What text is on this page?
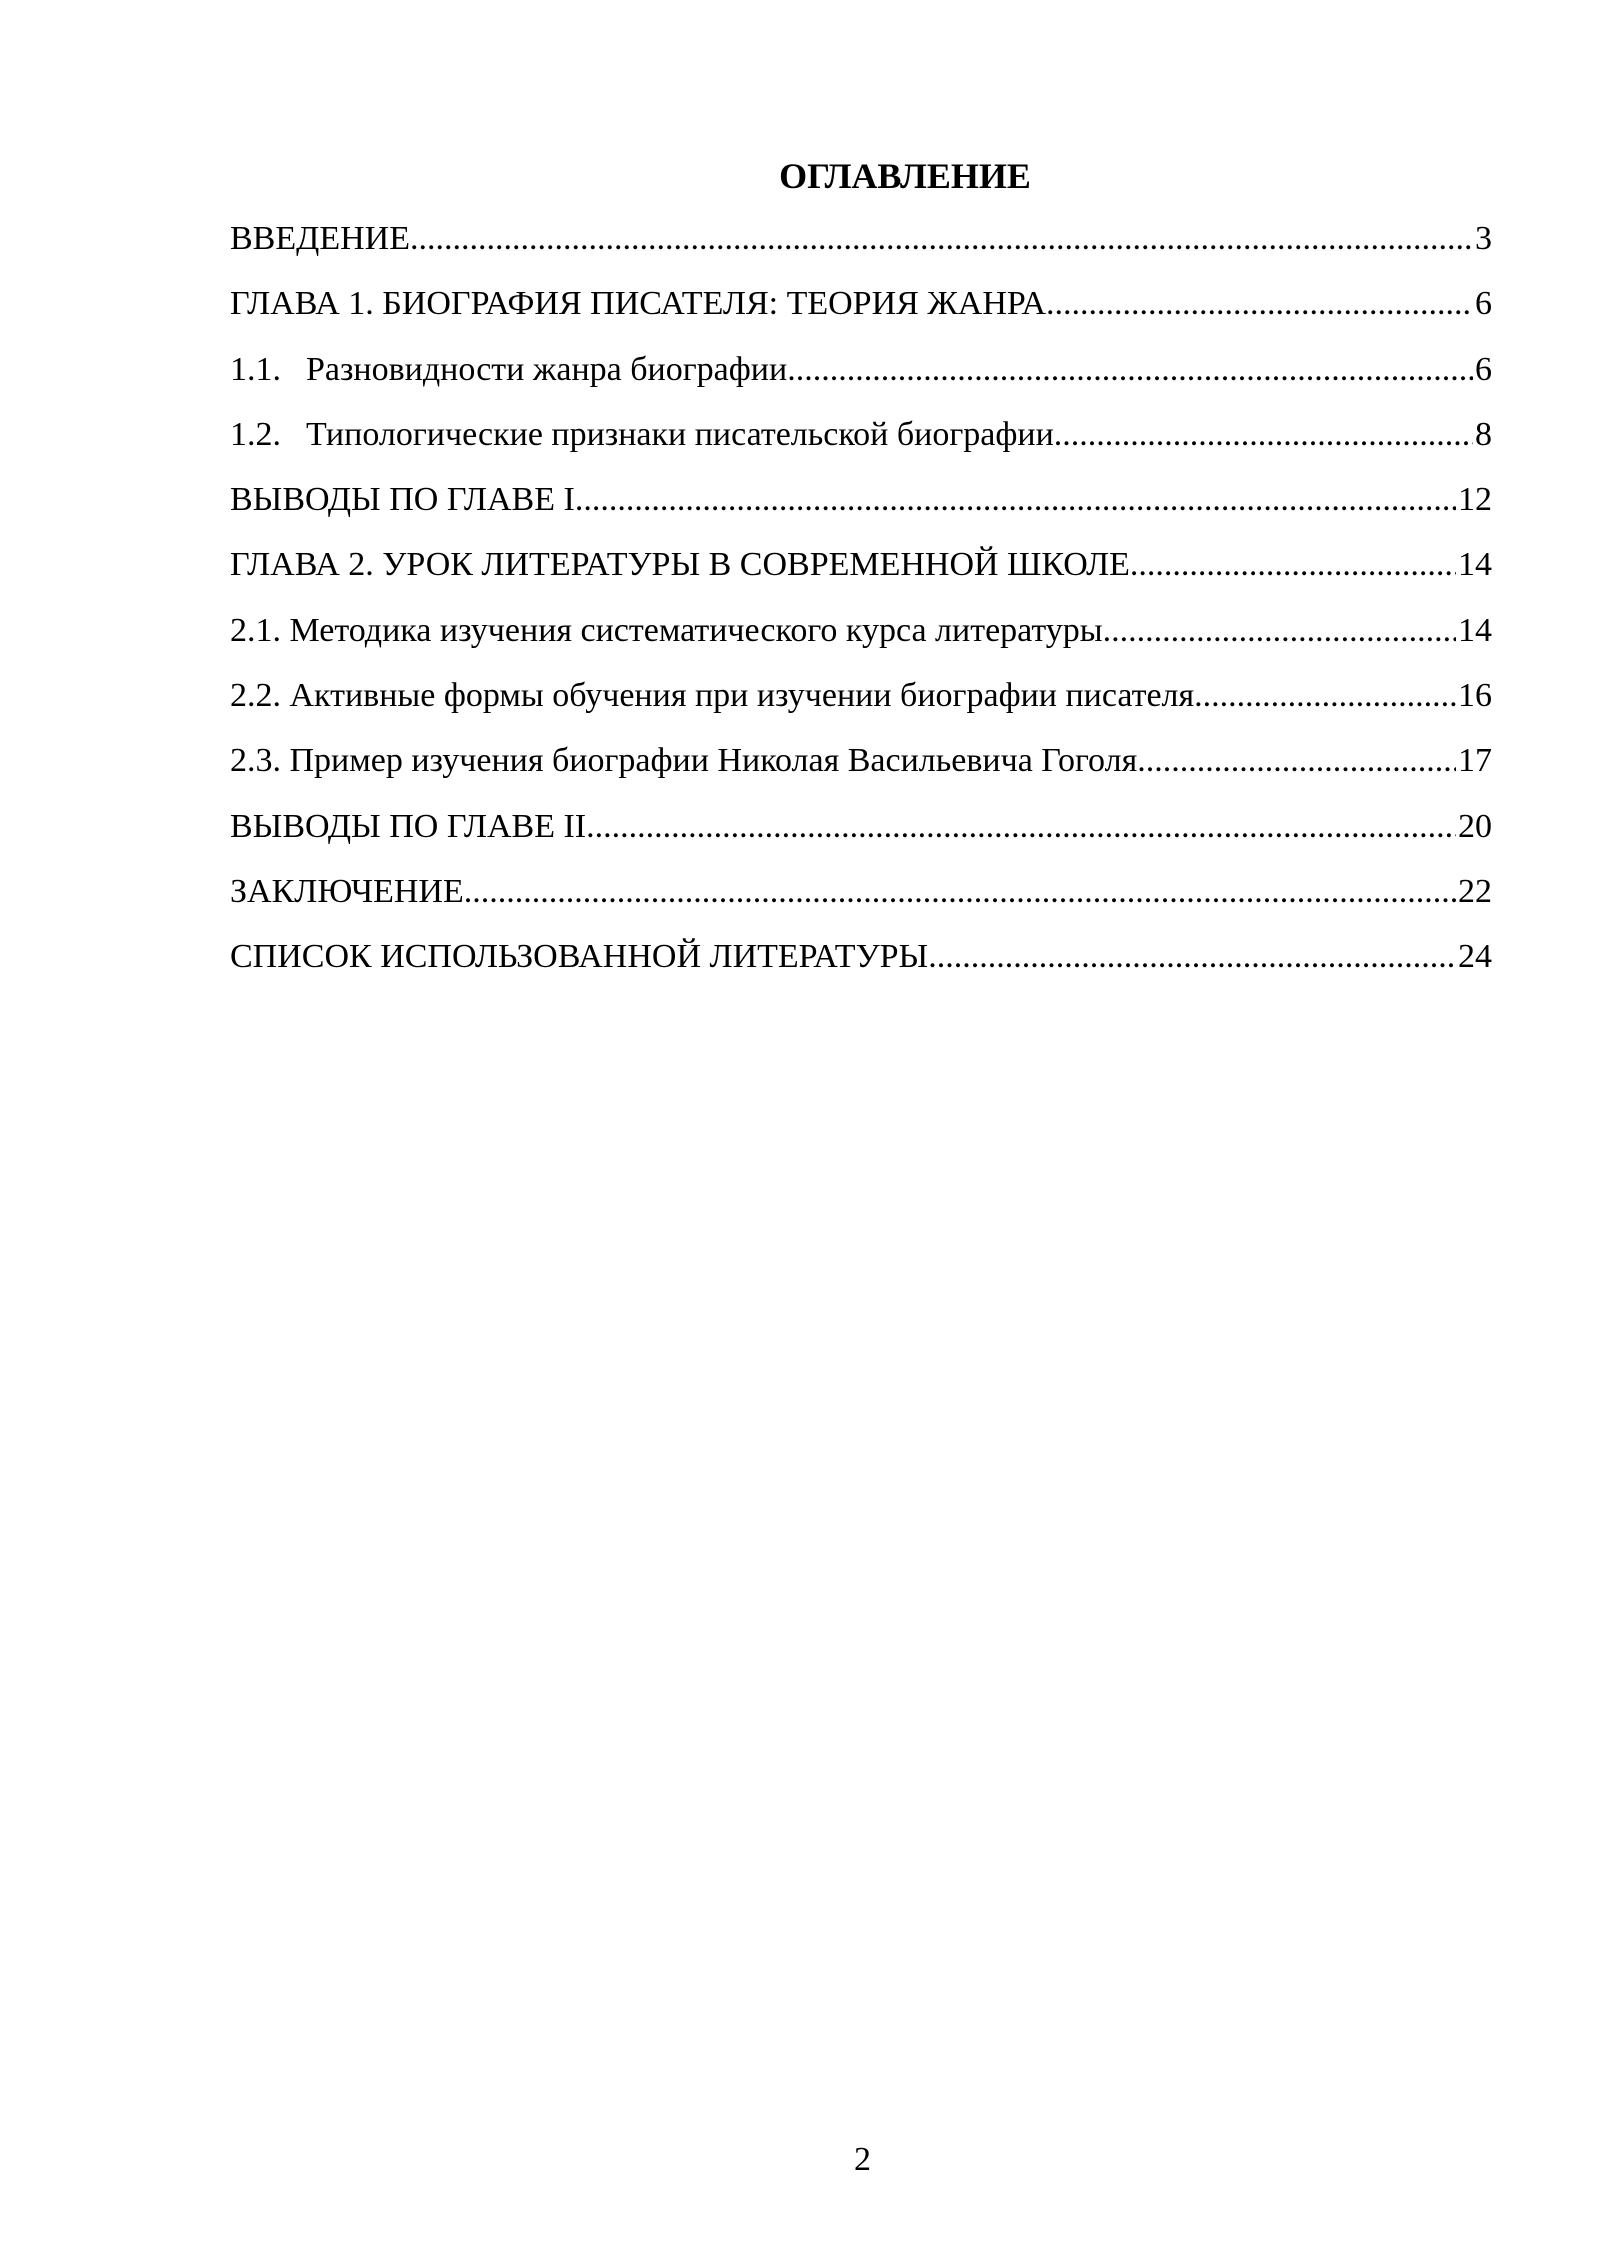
ОГЛАВЛЕНИЕ
ВВЕДЕНИЕ .....	3
ГЛАВА 1. БИОГРАФИЯ ПИСАТЕЛЯ: ТЕОРИЯ ЖАНРА .....	6
1.1. Разновидности жанра биографии .....	6
1.2. Типологические признаки писательской биографии .....	8
ВЫВОДЫ ПО ГЛАВЕ I .....	12
ГЛАВА 2. УРОК ЛИТЕРАТУРЫ В СОВРЕМЕННОЙ ШКОЛЕ .....	14
2.1. Методика изучения систематического курса литературы .....	14
2.2. Активные формы обучения при изучении биографии писателя .....	16
2.3. Пример изучения биографии Николая Васильевича Гоголя .....	17
ВЫВОДЫ ПО ГЛАВЕ II .....	20
ЗАКЛЮЧЕНИЕ .....	22
СПИСОК ИСПОЛЬЗОВАННОЙ ЛИТЕРАТУРЫ .....	24
2
